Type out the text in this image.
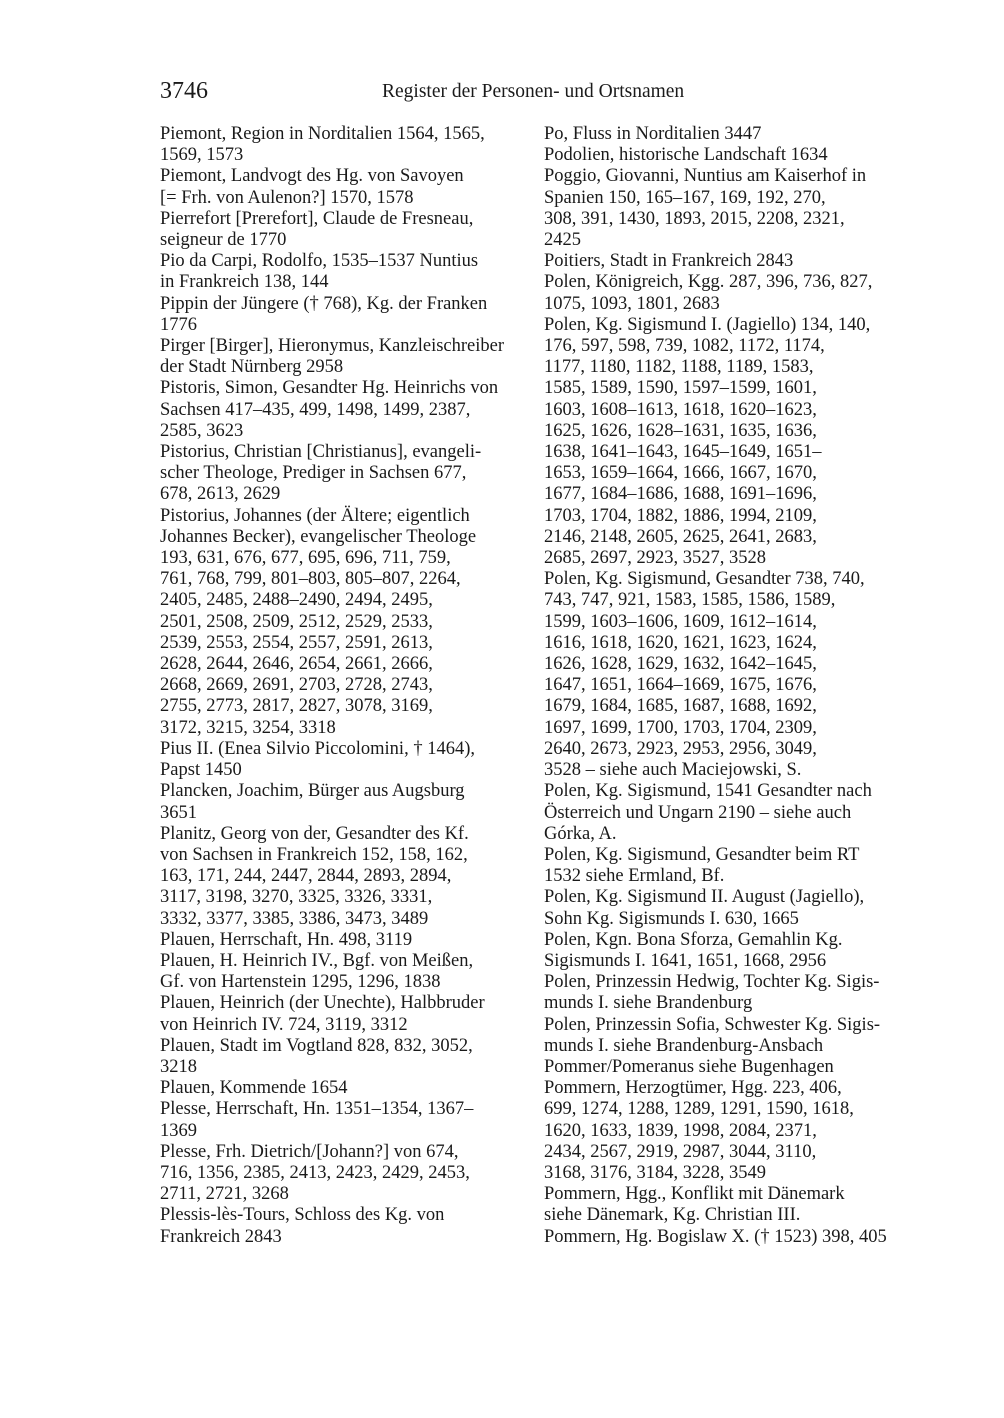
3746	Register der Personen- und Ortsnamen

Piemont, Region in Norditalien 1564, 1565,
1569, 1573

Piemont, Landvogt des Hg. von Savoyen
[= Frh. von Aulenon?] 1570, 1578

Pierrefort [Prerefort], Claude de Fresneau,
seigneur de 1770

Pio da Carpi, Rodolfo, 1535–1537 Nuntius
in Frankreich 138, 144

Pippin der Jüngere († 768), Kg. der Franken
1776

Pirger [Birger], Hieronymus, Kanzleischreiber
der Stadt Nürnberg 2958

Pistoris, Simon, Gesandter Hg. Heinrichs von
Sachsen 417–435, 499, 1498, 1499, 2387,
2585, 3623

Pistorius, Christian [Christianus], evangeli-
scher Theologe, Prediger in Sachsen 677,
678, 2613, 2629

Pistorius, Johannes (der Ältere; eigentlich
Johannes Becker), evangelischer Theologe
193, 631, 676, 677, 695, 696, 711, 759,
761, 768, 799, 801–803, 805–807, 2264,
2405, 2485, 2488–2490, 2494, 2495,
2501, 2508, 2509, 2512, 2529, 2533,
2539, 2553, 2554, 2557, 2591, 2613,
2628, 2644, 2646, 2654, 2661, 2666,
2668, 2669, 2691, 2703, 2728, 2743,
2755, 2773, 2817, 2827, 3078, 3169,
3172, 3215, 3254, 3318

Pius II. (Enea Silvio Piccolomini, † 1464),
Papst 1450

Plancken, Joachim, Bürger aus Augsburg
3651

Planitz, Georg von der, Gesandter des Kf.
von Sachsen in Frankreich 152, 158, 162,
163, 171, 244, 2447, 2844, 2893, 2894,
3117, 3198, 3270, 3325, 3326, 3331,
3332, 3377, 3385, 3386, 3473, 3489

Plauen, Herrschaft, Hn. 498, 3119

Plauen, H. Heinrich IV., Bgf. von Meißen,
Gf. von Hartenstein 1295, 1296, 1838

Plauen, Heinrich (der Unechte), Halbbruder
von Heinrich IV. 724, 3119, 3312

Plauen, Stadt im Vogtland 828, 832, 3052,
3218

Plauen, Kommende 1654

Plesse, Herrschaft, Hn. 1351–1354, 1367–
1369

Plesse, Frh. Dietrich/[Johann?] von 674,
716, 1356, 2385, 2413, 2423, 2429, 2453,
2711, 2721, 3268

Plessis-lès-Tours, Schloss des Kg. von
Frankreich 2843

Po, Fluss in Norditalien 3447

Podolien, historische Landschaft 1634

Poggio, Giovanni, Nuntius am Kaiserhof in
Spanien 150, 165–167, 169, 192, 270,
308, 391, 1430, 1893, 2015, 2208, 2321,
2425

Poitiers, Stadt in Frankreich 2843

Polen, Königreich, Kgg. 287, 396, 736, 827,
1075, 1093, 1801, 2683

Polen, Kg. Sigismund I. (Jagiello) 134, 140,
176, 597, 598, 739, 1082, 1172, 1174,
1177, 1180, 1182, 1188, 1189, 1583,
1585, 1589, 1590, 1597–1599, 1601,
1603, 1608–1613, 1618, 1620–1623,
1625, 1626, 1628–1631, 1635, 1636,
1638, 1641–1643, 1645–1649, 1651–
1653, 1659–1664, 1666, 1667, 1670,
1677, 1684–1686, 1688, 1691–1696,
1703, 1704, 1882, 1886, 1994, 2109,
2146, 2148, 2605, 2625, 2641, 2683,
2685, 2697, 2923, 3527, 3528

Polen, Kg. Sigismund, Gesandter 738, 740,
743, 747, 921, 1583, 1585, 1586, 1589,
1599, 1603–1606, 1609, 1612–1614,
1616, 1618, 1620, 1621, 1623, 1624,
1626, 1628, 1629, 1632, 1642–1645,
1647, 1651, 1664–1669, 1675, 1676,
1679, 1684, 1685, 1687, 1688, 1692,
1697, 1699, 1700, 1703, 1704, 2309,
2640, 2673, 2923, 2953, 2956, 3049,
3528 – siehe auch Maciejowski, S.

Polen, Kg. Sigismund, 1541 Gesandter nach
Österreich und Ungarn 2190 – siehe auch
Górka, A.

Polen, Kg. Sigismund, Gesandter beim RT
1532 siehe Ermland, Bf.

Polen, Kg. Sigismund II. August (Jagiello),
Sohn Kg. Sigismunds I. 630, 1665

Polen, Kgn. Bona Sforza, Gemahlin Kg.
Sigismunds I. 1641, 1651, 1668, 2956

Polen, Prinzessin Hedwig, Tochter Kg. Sigis-
munds I. siehe Brandenburg

Polen, Prinzessin Sofia, Schwester Kg. Sigis-
munds I. siehe Brandenburg-Ansbach

Pommer/Pomeranus siehe Bugenhagen

Pommern, Herzogtümer, Hgg. 223, 406,
699, 1274, 1288, 1289, 1291, 1590, 1618,
1620, 1633, 1839, 1998, 2084, 2371,
2434, 2567, 2919, 2987, 3044, 3110,
3168, 3176, 3184, 3228, 3549

Pommern, Hgg., Konflikt mit Dänemark
siehe Dänemark, Kg. Christian III.

Pommern, Hg. Bogislaw X. († 1523) 398, 405
